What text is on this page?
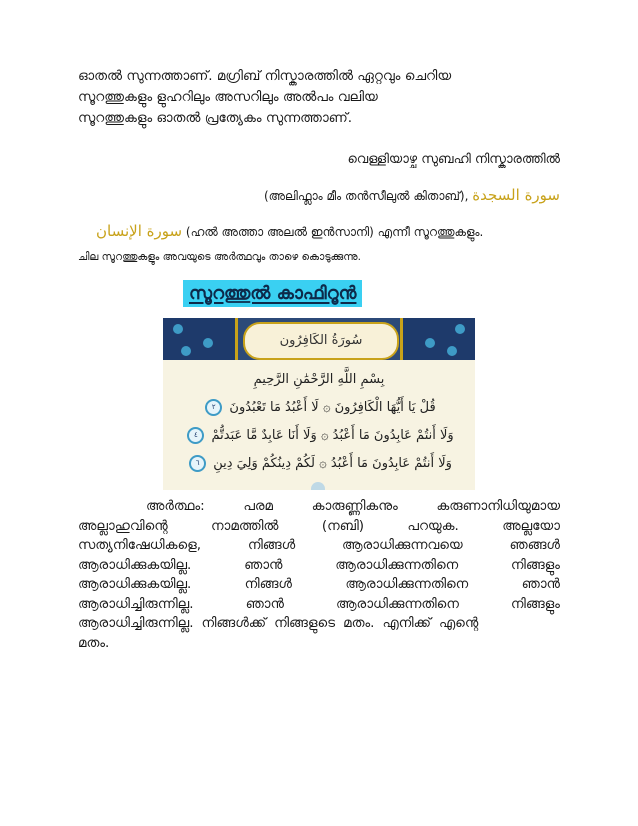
ഓതൽ സുന്നത്താണ്. മഗ്രിബ് നിസ്കാരത്തിൽ ഏറ്റവും ചെറിയ
സൂറത്തുകളും ളുഹറിലും അസറിലും അൽപം വലിയ
സൂറത്തുകളും ഓതൽ പ്രത്യേകം സുന്നത്താണ്.
വെള്ളിയാഴ്ച സുബഹി നിസ്കാരത്തിൽ
(അലിഫ്ലാം മീം തൻസീലുൽ കിതാബ്), سورة السجدة
سورة الإنسان (ഹൽ അത്താ അലൽ ഇൻസാനി) എന്നീ സൂറത്തുകളും.
ചില സൂറത്തുകളും അവയുടെ അർത്ഥവും താഴെ കൊടുക്കുന്നു.
സൂറത്തുൽ കാഫിറൂൻ
سُورَةُ الكَافِرُون
بِسْمِ اللَّهِ الرَّحْمَٰنِ الرَّحِيمِ
قُلْ يَا أَيُّهَا الْكَافِرُونَ ۞ لَا أَعْبُدُ مَا تَعْبُدُونَ ٢
وَلَا أَنتُمْ عَابِدُونَ مَا أَعْبُدُ ۞ وَلَا أَنَا عَابِدٌ مَّا عَبَدتُّمْ ٤
وَلَا أَنتُمْ عَابِدُونَ مَا أَعْبُدُ ۞ لَكُمْ دِينُكُمْ وَلِيَ دِينِ ٦
അർത്ഥം:	പരമ	കാരുണ്ണികനും	കരുണാനിധിയുമായ
അല്ലാഹുവിന്റെ	നാമത്തിൽ	(നബി)	പറയുക.	അല്ലയോ
സത്യനിഷേധികളെ,	നിങ്ങൾ	ആരാധിക്കുന്നവയെ	ഞങ്ങൾ
ആരാധിക്കുകയില്ല.	ഞാൻ	ആരാധിക്കുന്നതിനെ	നിങ്ങളും
ആരാധിക്കുകയില്ല.	നിങ്ങൾ	ആരാധിക്കുന്നതിനെ	ഞാൻ
ആരാധിച്ചിരുന്നില്ല.	ഞാൻ	ആരാധിക്കുന്നതിനെ	നിങ്ങളും
ആരാധിച്ചിരുന്നില്ല. നിങ്ങൾക്ക് നിങ്ങളുടെ മതം. എനിക്ക് എന്റെ
മതം.
